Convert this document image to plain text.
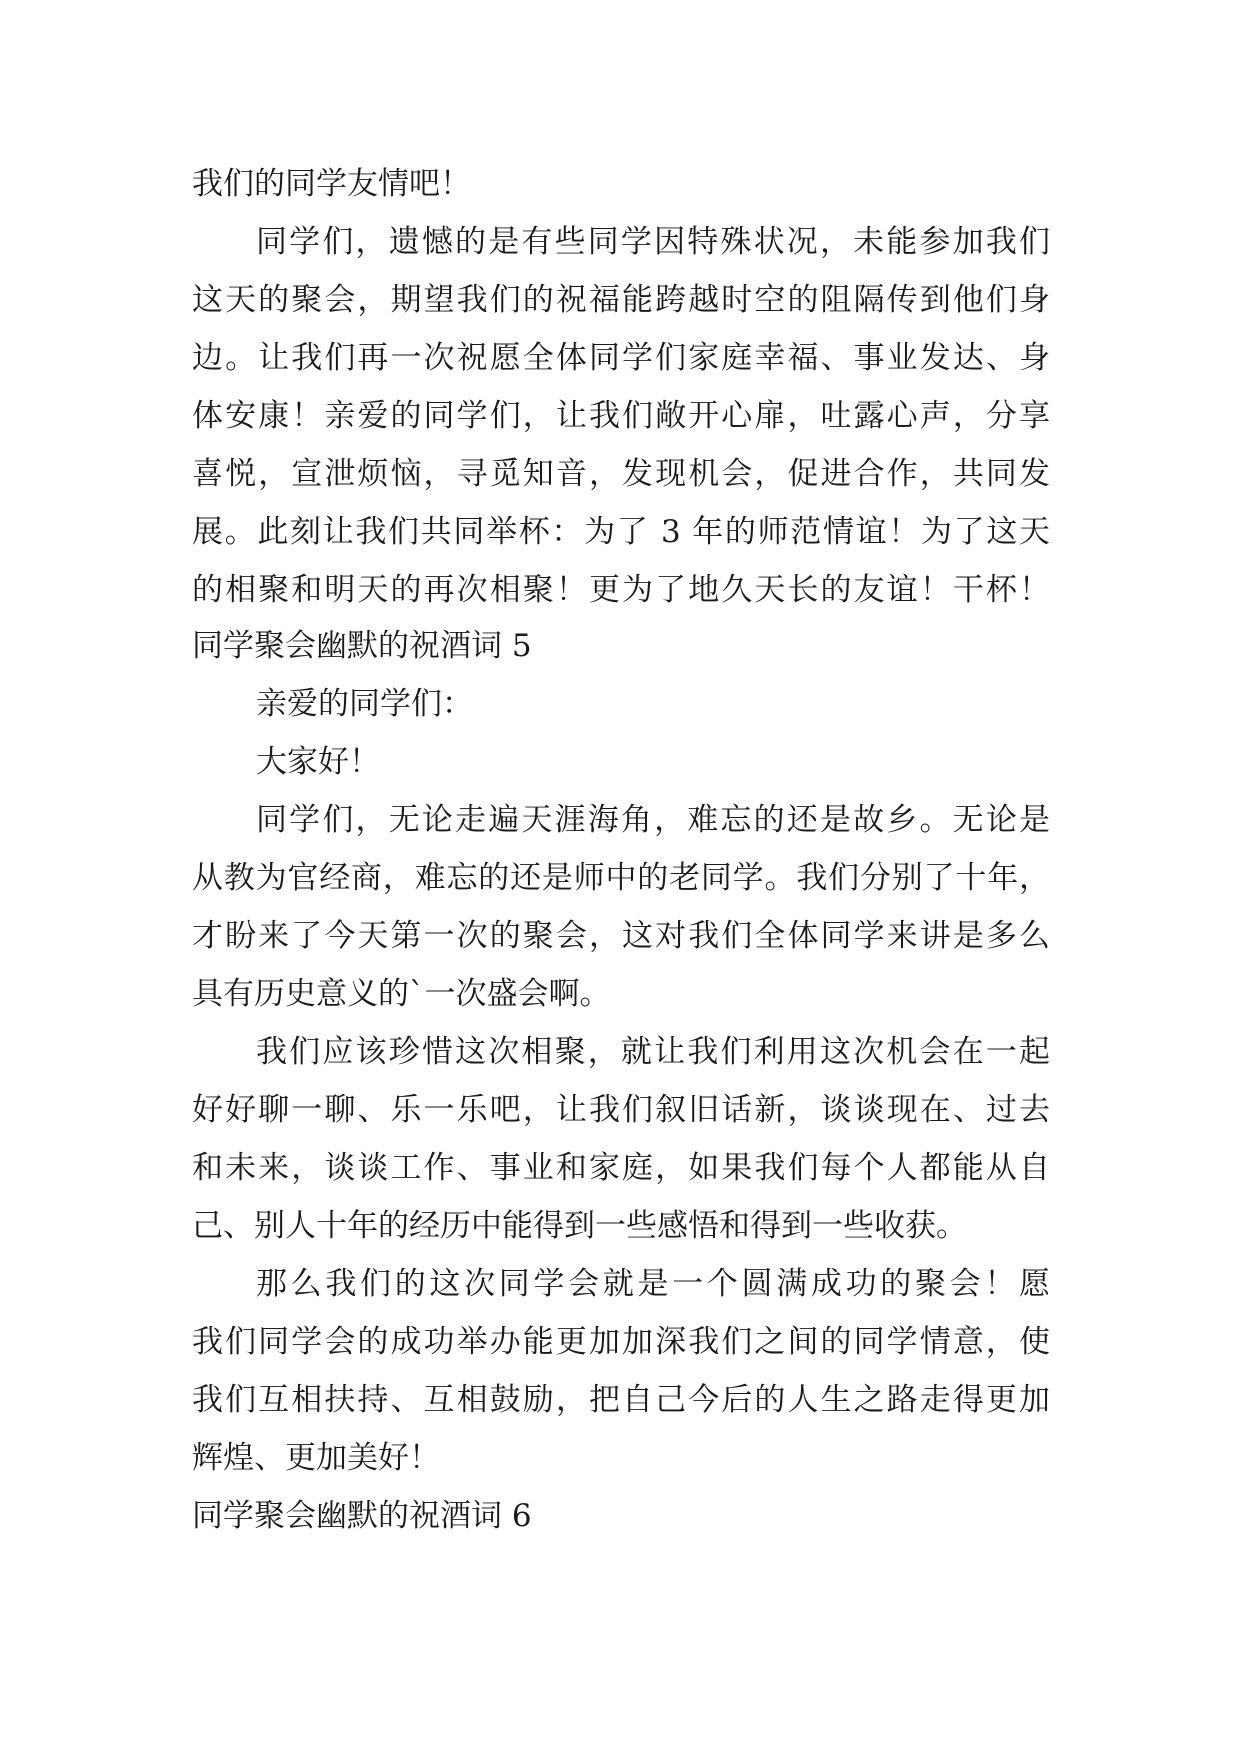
我们的同学友情吧！
同学们，遗憾的是有些同学因特殊状况，未能参加我们
这天的聚会，期望我们的祝福能跨越时空的阻隔传到他们身
边。让我们再一次祝愿全体同学们家庭幸福、事业发达、身
体安康！亲爱的同学们，让我们敞开心扉，吐露心声，分享
喜悦，宣泄烦恼，寻觅知音，发现机会，促进合作，共同发
展。此刻让我们共同举杯：为了 3 年的师范情谊！为了这天
的相聚和明天的再次相聚！更为了地久天长的友谊！干杯！
同学聚会幽默的祝酒词 5
亲爱的同学们：
大家好！
同学们，无论走遍天涯海角，难忘的还是故乡。无论是
从教为官经商，难忘的还是师中的老同学。我们分别了十年，
才盼来了今天第一次的聚会，这对我们全体同学来讲是多么
具有历史意义的`一次盛会啊。
我们应该珍惜这次相聚，就让我们利用这次机会在一起
好好聊一聊、乐一乐吧，让我们叙旧话新，谈谈现在、过去
和未来，谈谈工作、事业和家庭，如果我们每个人都能从自
己、别人十年的经历中能得到一些感悟和得到一些收获。
那么我们的这次同学会就是一个圆满成功的聚会！愿
我们同学会的成功举办能更加加深我们之间的同学情意，使
我们互相扶持、互相鼓励，把自己今后的人生之路走得更加
辉煌、更加美好！
同学聚会幽默的祝酒词 6
